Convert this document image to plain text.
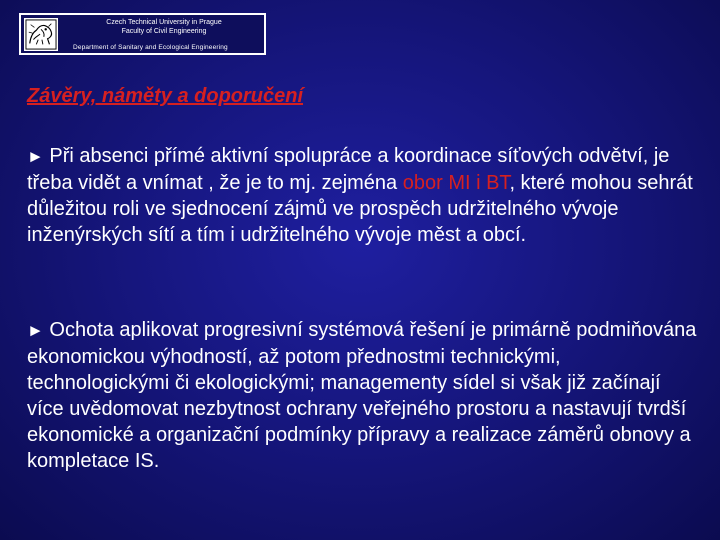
Czech Technical University in Prague
Faculty of Civil Engineering
Department of Sanitary and Ecological Engineering
Závěry, náměty a doporučení
► Při absenci přímé aktivní spolupráce a koordinace síťových odvětví, je třeba vidět a vnímat , že je to mj. zejména obor MI i BT, které mohou sehrát důležitou roli ve sjednocení zájmů ve prospěch udržitelného vývoje inženýrských sítí a tím i udržitelného vývoje měst a obcí.
► Ochota aplikovat progresivní systémová řešení je primárně podmiňována ekonomickou výhodností, až potom přednostmi technickými, technologickými či ekologickými; managementy sídel si však již začínají více uvědomovat nezbytnost ochrany veřejného prostoru a nastavují tvrdší ekonomické a organizační podmínky přípravy a realizace záměrů obnovy a kompletace IS.
